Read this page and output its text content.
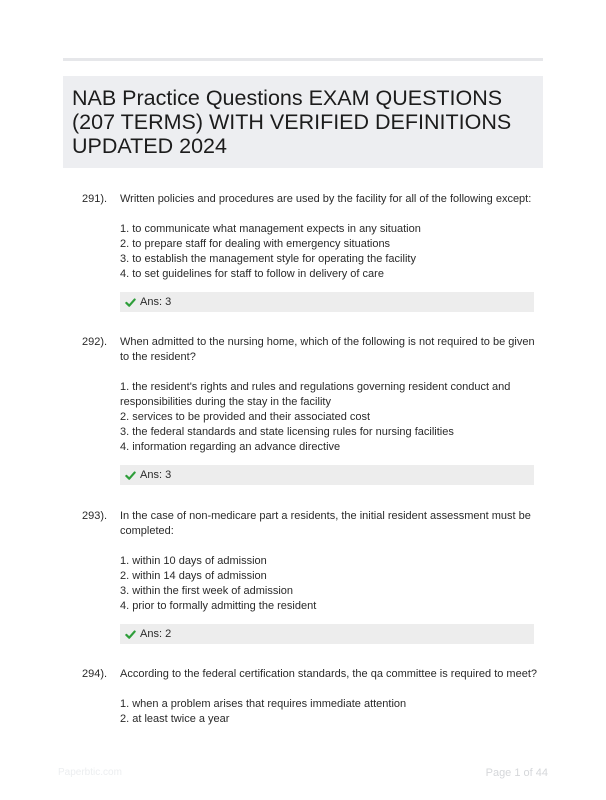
NAB Practice Questions EXAM QUESTIONS (207 TERMS) WITH VERIFIED DEFINITIONS UPDATED 2024
291). Written policies and procedures are used by the facility for all of the following except:

1. to communicate what management expects in any situation
2. to prepare staff for dealing with emergency situations
3. to establish the management style for operating the facility
4. to set guidelines for staff to follow in delivery of care
Ans: 3
292). When admitted to the nursing home, which of the following is not required to be given to the resident?

1. the resident's rights and rules and regulations governing resident conduct and responsibilities during the stay in the facility
2. services to be provided and their associated cost
3. the federal standards and state licensing rules for nursing facilities
4. information regarding an advance directive
Ans: 3
293). In the case of non-medicare part a residents, the initial resident assessment must be completed:

1. within 10 days of admission
2. within 14 days of admission
3. within the first week of admission
4. prior to formally admitting the resident
Ans: 2
294). According to the federal certification standards, the qa committee is required to meet?

1. when a problem arises that requires immediate attention
2. at least twice a year
Paperbtic.com	Page 1 of 44
